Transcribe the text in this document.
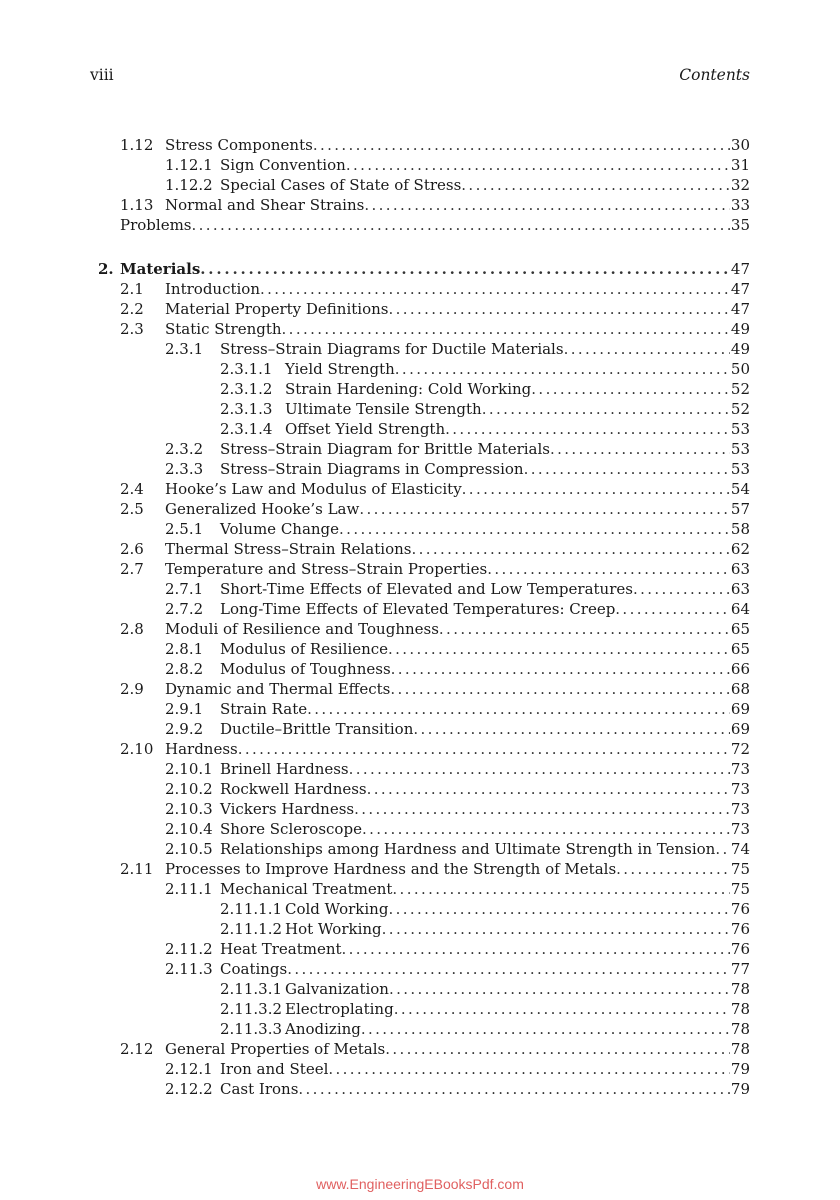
viii	Contents
1.12 Stress Components . . .	30
1.12.1 Sign Convention . . .	31
1.12.2 Special Cases of State of Stress . . .	32
1.13 Normal and Shear Strains . . .	33
Problems . . .	35
2. Materials . . .	47
2.1	Introduction . . .	47
2.2	Material Property Definitions . . .	47
2.3	Static Strength . . .	49
2.3.1	Stress–Strain Diagrams for Ductile Materials . . .	49
2.3.1.1 Yield Strength . . .	50
2.3.1.2 Strain Hardening: Cold Working . . .	52
2.3.1.3 Ultimate Tensile Strength . . .	52
2.3.1.4 Offset Yield Strength . . .	53
2.3.2	Stress–Strain Diagram for Brittle Materials . . .	53
2.3.3	Stress–Strain Diagrams in Compression . . .	53
2.4	Hooke’s Law and Modulus of Elasticity . . .	54
2.5	Generalized Hooke’s Law . . .	57
2.5.1	Volume Change . . .	58
2.6	Thermal Stress–Strain Relations . . .	62
2.7	Temperature and Stress–Strain Properties . . .	63
2.7.1	Short-Time Effects of Elevated and Low Temperatures . . .	63
2.7.2	Long-Time Effects of Elevated Temperatures: Creep . . .	64
2.8	Moduli of Resilience and Toughness . . .	65
2.8.1	Modulus of Resilience . . .	65
2.8.2	Modulus of Toughness . . .	66
2.9	Dynamic and Thermal Effects . . .	68
2.9.1	Strain Rate . . .	69
2.9.2	Ductile–Brittle Transition . . .	69
2.10 Hardness . . .	72
2.10.1 Brinell Hardness . . .	73
2.10.2 Rockwell Hardness . . .	73
2.10.3 Vickers Hardness . . .	73
2.10.4 Shore Scleroscope . . .	73
2.10.5 Relationships among Hardness and Ultimate Strength in Tension . . . 74
2.11 Processes to Improve Hardness and the Strength of Metals . . .	75
2.11.1 Mechanical Treatment . . .	75
2.11.1.1 Cold Working . . .	76
2.11.1.2 Hot Working . . .	76
2.11.2 Heat Treatment . . .	76
2.11.3 Coatings . . .	77
2.11.3.1 Galvanization . . .	78
2.11.3.2 Electroplating . . .	78
2.11.3.3 Anodizing . . .	78
2.12 General Properties of Metals . . .	78
2.12.1 Iron and Steel . . .	79
2.12.2 Cast Irons . . .	79
www.EngineeringEBooksPdf.com
